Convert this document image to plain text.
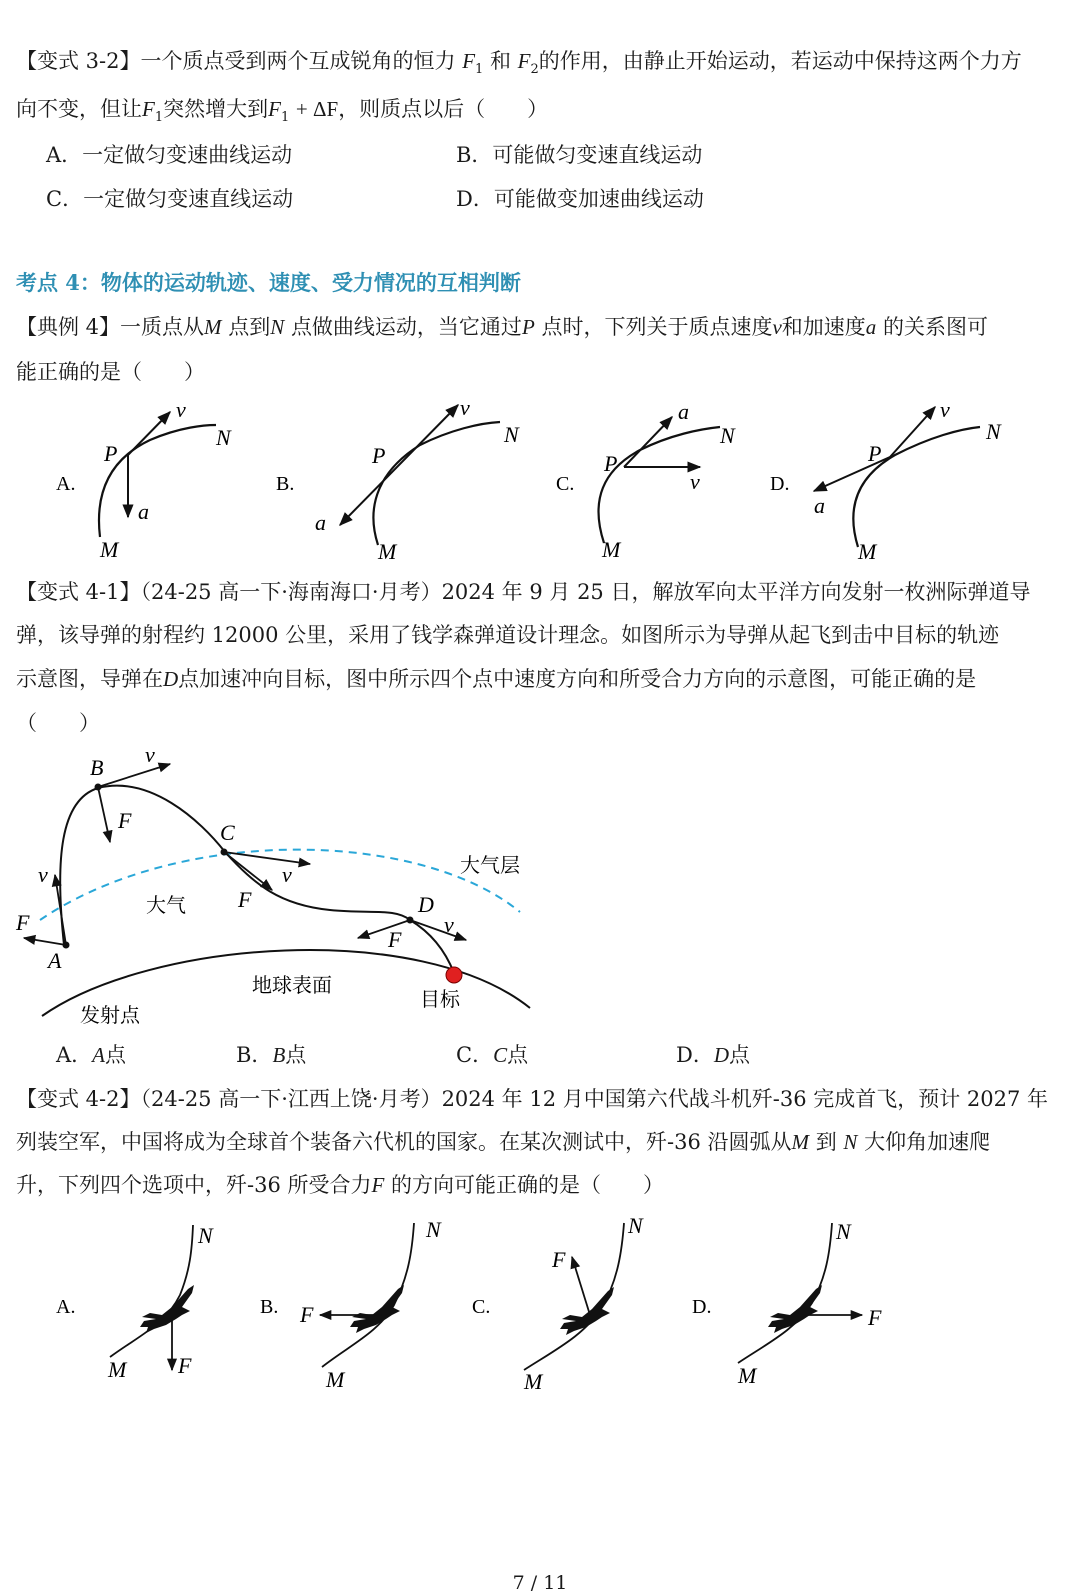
【变式 3-2】一个质点受到两个互成锐角的恒力 $F_1$ 和 $F_2$的作用，由静止开始运动，若运动中保持这两个力方
向不变，但让$F_1$突然增大到$F_1 + \Delta F$，则质点以后（　　）
A．一定做匀变速曲线运动	B．可能做匀变速直线运动
C．一定做匀变速直线运动	D．可能做变加速曲线运动
考点 4：物体的运动轨迹、速度、受力情况的互相判断
【典例 4】一质点从M 点到N 点做曲线运动，当它通过P 点时，下列关于质点速度v和加速度a 的关系图可
能正确的是（　　）
A.
P
v
a
N
M
B.
P
v
a
N
M
C.
P
a
v
N
M
D.
P
v
a
N
M
【变式 4-1】（24-25 高一下·海南海口·月考）2024 年 9 月 25 日，解放军向太平洋方向发射一枚洲际弹道导
弹，该导弹的射程约 12000 公里，采用了钱学森弹道设计理念。如图所示为导弹从起飞到击中目标的轨迹
示意图，导弹在D点加速冲向目标，图中所示四个点中速度方向和所受合力方向的示意图，可能正确的是
（　　）
A
v
F
B
v
F	C
v
F	D
v
F
大气层
大气
地球表面
发射点
目标
A．A点	B．B点	C．C点	D．D点
【变式 4-2】（24-25 高一下·江西上饶·月考）2024 年 12 月中国第六代战斗机歼-36 完成首飞，预计 2027 年
列装空军，中国将成为全球首个装备六代机的国家。在某次测试中，歼-36 沿圆弧从M 到 N 大仰角加速爬
升，下列四个选项中，歼-36 所受合力F 的方向可能正确的是（　　）
A.
N
M F
B.
N
M
F	C.
N
M
F
D.
N
M
F
7 / 11
